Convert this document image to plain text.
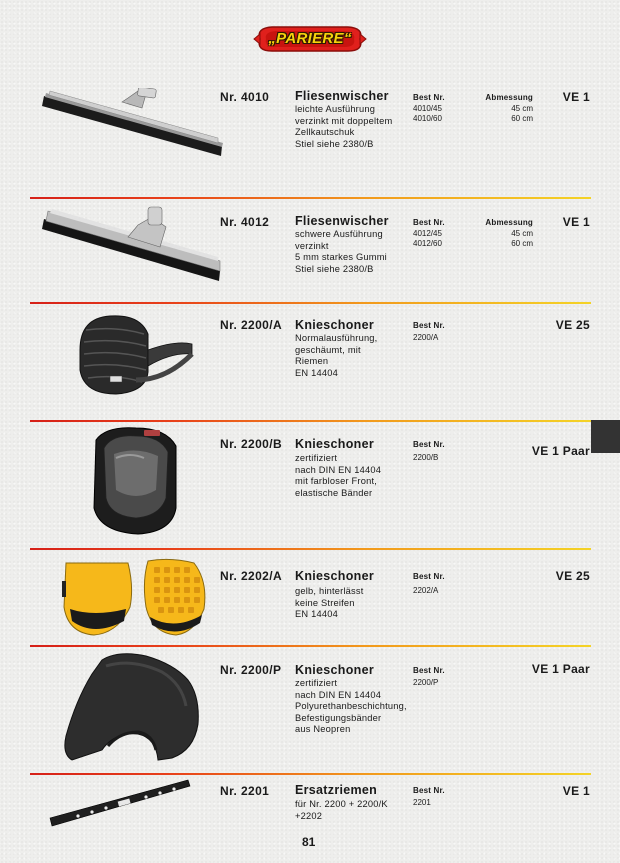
„PARIERE“
Nr. 4010 Fliesenwischer
leichte Ausführung
verzinkt mit doppeltem
Zellkautschuk
Stiel siehe 2380/B
Best Nr.
4010/45
4010/60
Abmessung
45 cm
60 cm
VE 1
Nr. 4012 Fliesenwischer
schwere Ausführung
verzinkt
5 mm starkes Gummi
Stiel siehe 2380/B
Best Nr.
4012/45
4012/60
Abmessung
45 cm
60 cm
VE 1
Nr. 2200/A Knieschoner
Normalausführung,
geschäumt, mit
Riemen
EN 14404
Best Nr.
2200/A
VE 25
Nr. 2200/B Knieschoner
zertifiziert
nach DIN EN 14404
mit farbloser Front,
elastische Bänder
Best Nr.
2200/B	VE 1 Paar
Nr. 2202/A Knieschoner
gelb, hinterlässt
keine Streifen
EN 14404
Best Nr.
2202/A
VE 25
Nr. 2200/P Knieschoner
zertifiziert
nach DIN EN 14404
Polyurethanbeschichtung,
Befestigungsbänder
aus Neopren
Best Nr.
2200/P
VE 1 Paar
Nr. 2201 Ersatzriemen
für Nr. 2200 + 2200/K
+2202
Best Nr.
2201
VE 1
81
